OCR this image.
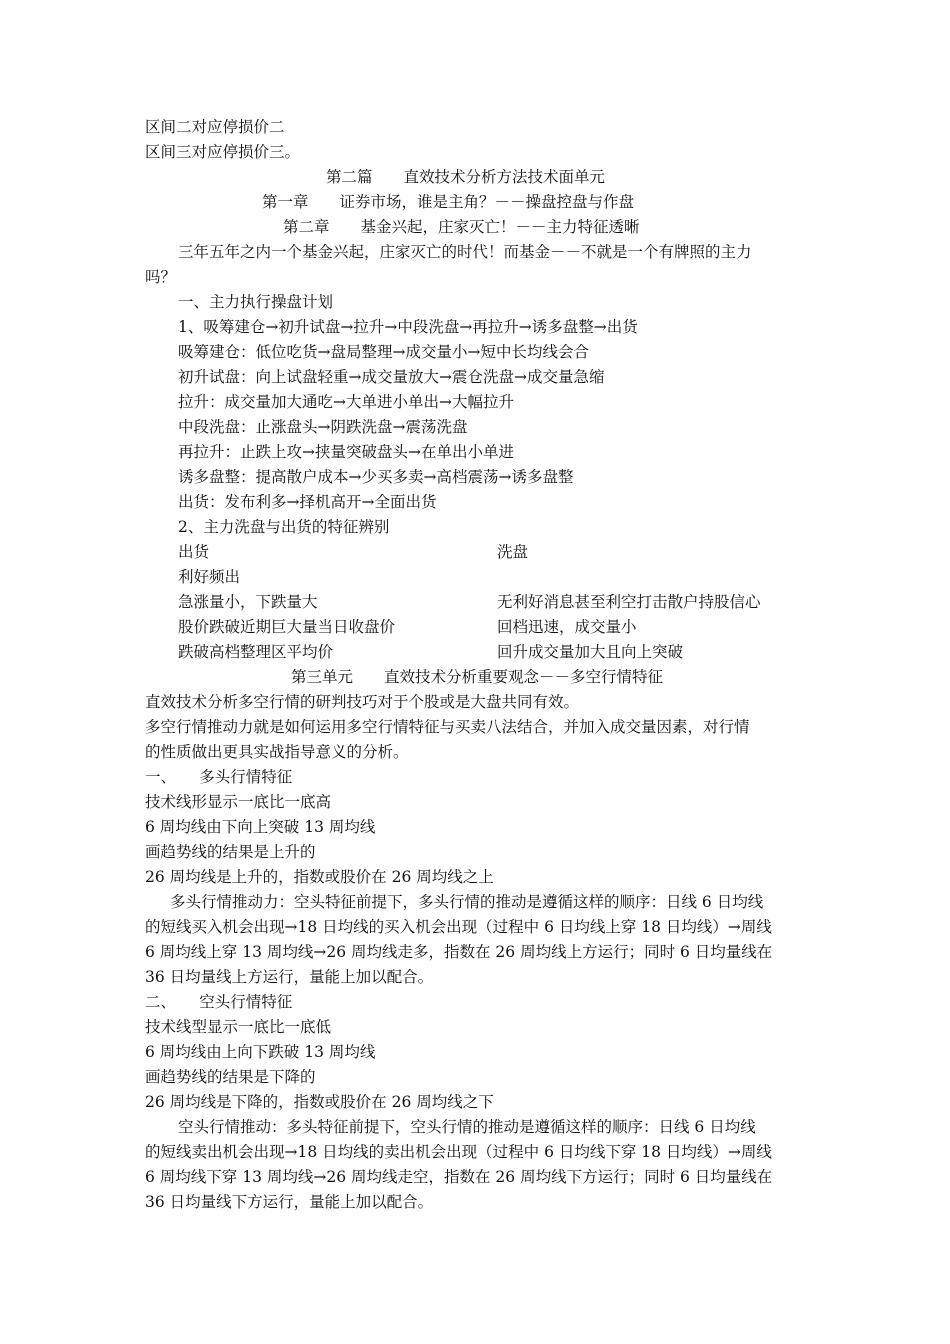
区间二对应停损价二
区间三对应停损价三。
第二篇　　直效技术分析方法技术面单元
第一章　　证券市场，谁是主角？－－操盘控盘与作盘
第二章　　基金兴起，庄家灭亡！－－主力特征透晰
三年五年之内一个基金兴起，庄家灭亡的时代！而基金－－不就是一个有牌照的主力
吗？
一、主力执行操盘计划
1、吸筹建仓→初升试盘→拉升→中段洗盘→再拉升→诱多盘整→出货
吸筹建仓：低位吃货→盘局整理→成交量小→短中长均线会合
初升试盘：向上试盘轻重→成交量放大→震仓洗盘→成交量急缩
拉升：成交量加大通吃→大单进小单出→大幅拉升
中段洗盘：止涨盘头→阴跌洗盘→震荡洗盘
再拉升：止跌上攻→挟量突破盘头→在单出小单进
诱多盘整：提高散户成本→少买多卖→高档震荡→诱多盘整
出货：发布利多→择机高开→全面出货
2、主力洗盘与出货的特征辨别
出货	洗盘
利好频出
急涨量小，下跌量大	无利好消息甚至利空打击散户持股信心
股价跌破近期巨大量当日收盘价	回档迅速，成交量小
跌破高档整理区平均价	回升成交量加大且向上突破
第三单元　　直效技术分析重要观念－－多空行情特征
直效技术分析多空行情的研判技巧对于个股或是大盘共同有效。
多空行情推动力就是如何运用多空行情特征与买卖八法结合，并加入成交量因素，对行情
的性质做出更具实战指导意义的分析。
一、　　多头行情特征
技术线形显示一底比一底高
6 周均线由下向上突破 13 周均线
画趋势线的结果是上升的
26 周均线是上升的，指数或股价在 26 周均线之上
多头行情推动力：空头特征前提下，多头行情的推动是遵循这样的顺序：日线 6 日均线
的短线买入机会出现→18 日均线的买入机会出现（过程中 6 日均线上穿 18 日均线）→周线
6 周均线上穿 13 周均线→26 周均线走多，指数在 26 周均线上方运行；同时 6 日均量线在
36 日均量线上方运行，量能上加以配合。
二、　　空头行情特征
技术线型显示一底比一底低
6 周均线由上向下跌破 13 周均线
画趋势线的结果是下降的
26 周均线是下降的，指数或股价在 26 周均线之下
空头行情推动：多头特征前提下，空头行情的推动是遵循这样的顺序：日线 6 日均线
的短线卖出机会出现→18 日均线的卖出机会出现（过程中 6 日均线下穿 18 日均线）→周线
6 周均线下穿 13 周均线→26 周均线走空，指数在 26 周均线下方运行；同时 6 日均量线在
36 日均量线下方运行，量能上加以配合。
